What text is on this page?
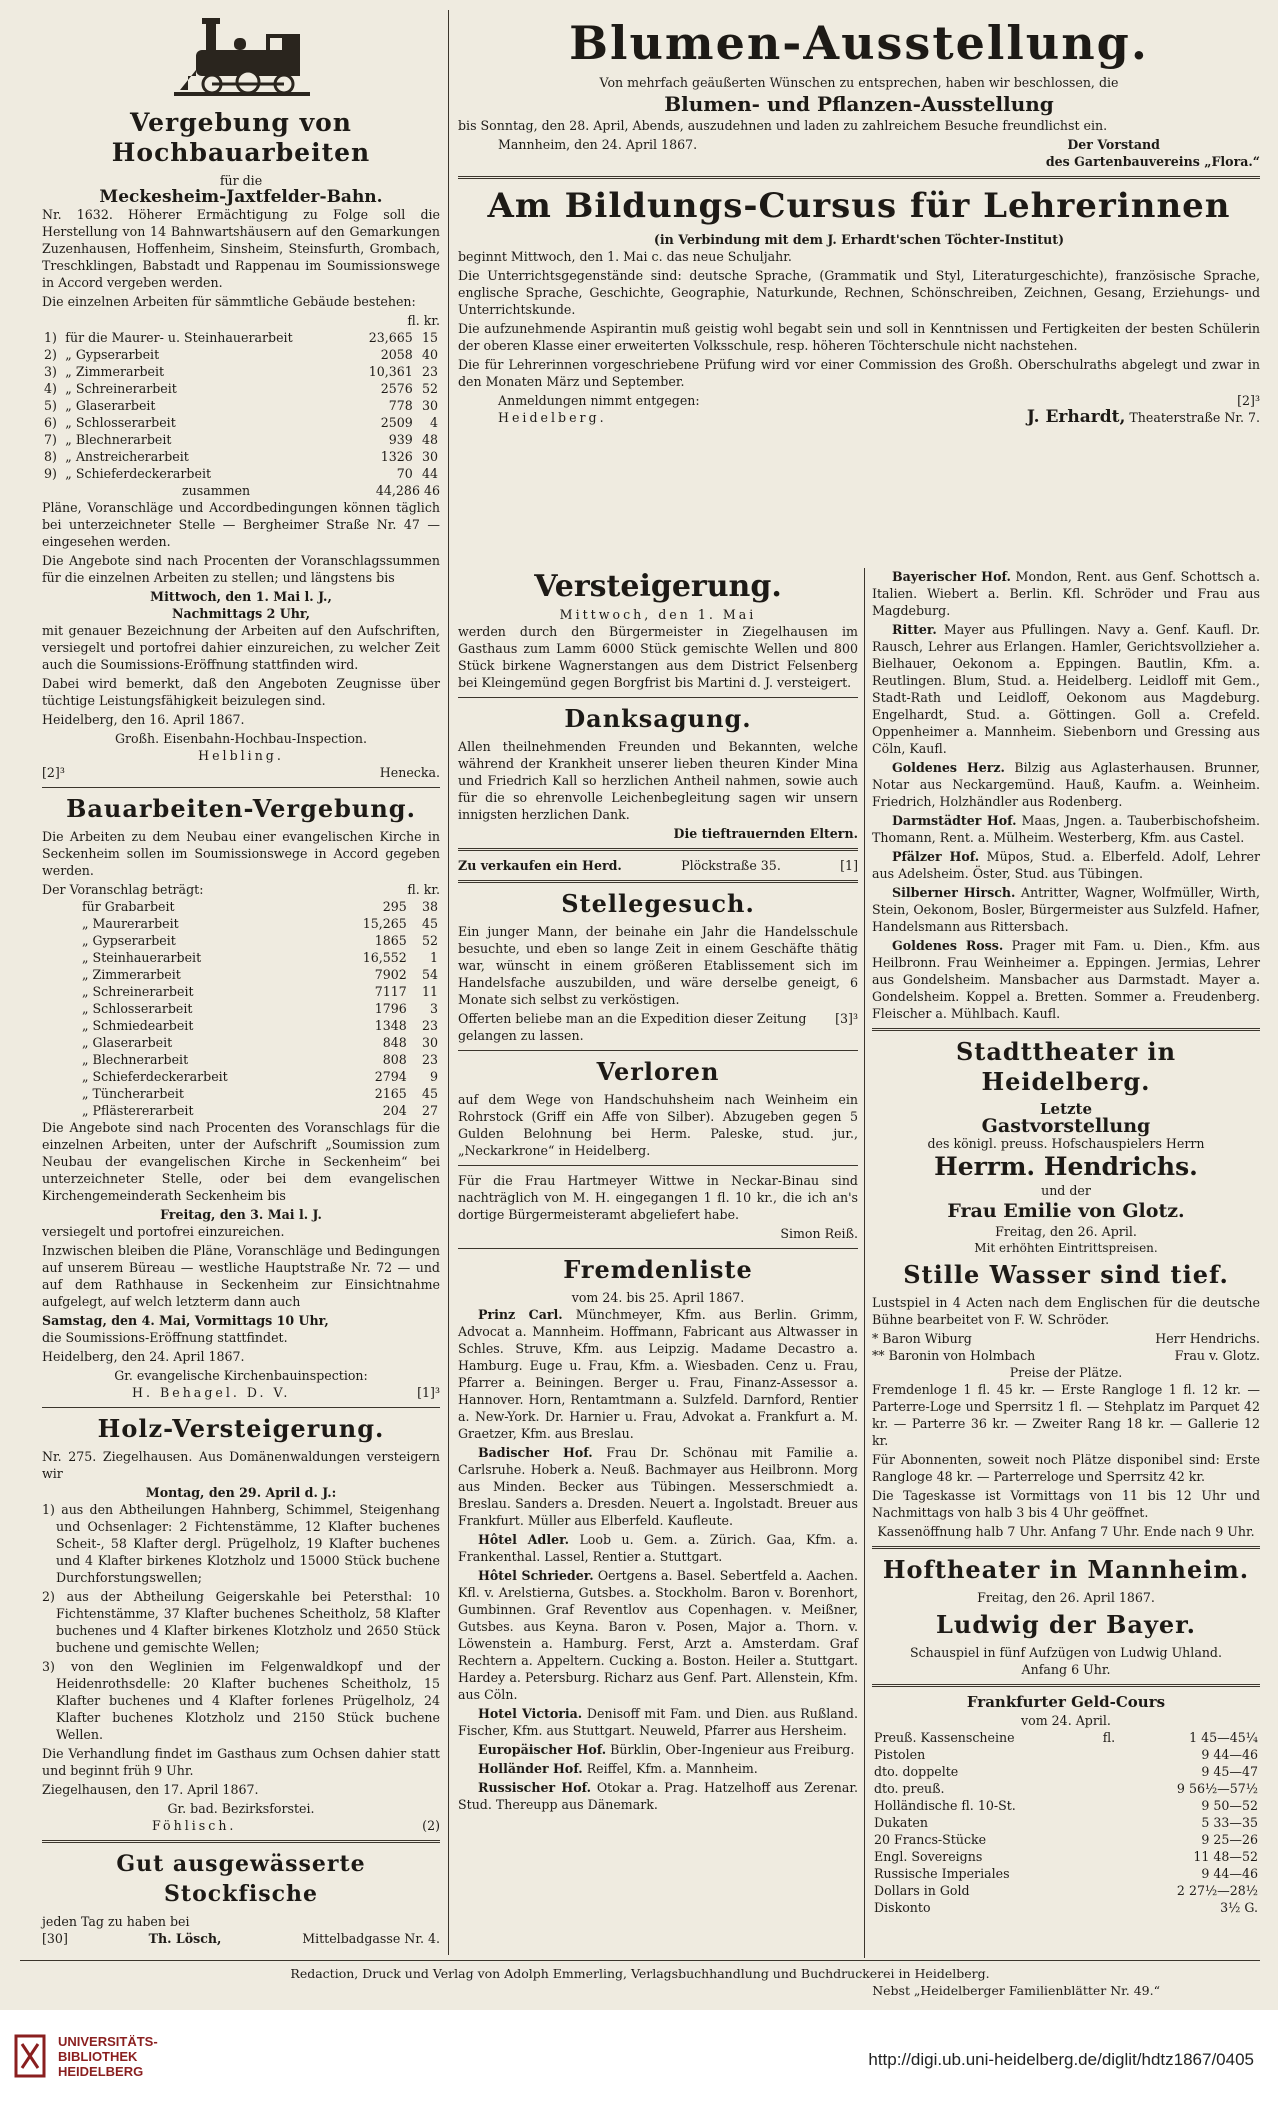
Vergebung von Hochbauarbeiten
für die
Meckesheim-Jaxtfelder-Bahn.

Nr. 1632. Höherer Ermächtigung zu Folge soll die Herstellung von 14 Bahnwartshäusern auf den Gemarkungen Zuzenhausen, Hoffenheim, Sinsheim, Steinsfurth, Grombach, Treschklingen, Babstadt und Rappenau im Soumissionswege in Accord vergeben werden.

Die einzelnen Arbeiten für sämmtliche Gebäude bestehen:

fl. kr.
1)	für die Maurer- u. Steinhauerarbeit	23,665	15
2)	„ Gypserarbeit	2058	40
3)	„ Zimmerarbeit	10,361	23
4)	„ Schreinerarbeit	2576	52
5)	„ Glaserarbeit	778	30
6)	„ Schlosserarbeit	2509	4
7)	„ Blechnerarbeit	939	48
8)	„ Anstreicherarbeit	1326	30
9)	„ Schieferdeckerarbeit	70	44
zusammen	44,286 46

Pläne, Voranschläge und Accordbedingungen können täglich bei unterzeichneter Stelle — Bergheimer Straße Nr. 47 — eingesehen werden.

Die Angebote sind nach Procenten der Voranschlagssummen für die einzelnen Arbeiten zu stellen; und längstens bis

Mittwoch, den 1. Mai l. J.,
Nachmittags 2 Uhr,

mit genauer Bezeichnung der Arbeiten auf den Aufschriften, versiegelt und portofrei dahier einzureichen, zu welcher Zeit auch die Soumissions-Eröffnung stattfinden wird.

Dabei wird bemerkt, daß den Angeboten Zeugnisse über tüchtige Leistungsfähigkeit beizulegen sind.

Heidelberg, den 16. April 1867.

Großh. Eisenbahn-Hochbau-Inspection.
Helbling.
[2]³	Henecka.
Bauarbeiten-Vergebung.

Die Arbeiten zu dem Neubau einer evangelischen Kirche in Seckenheim sollen im Soumissionswege in Accord gegeben werden.

Der Voranschlag beträgt:	fl. kr.
für Grabarbeit	295	38
„ Maurerarbeit	15,265	45
„ Gypserarbeit	1865	52
„ Steinhauerarbeit	16,552	1
„ Zimmerarbeit	7902	54
„ Schreinerarbeit	7117	11
„ Schlosserarbeit	1796	3
„ Schmiedearbeit	1348	23
„ Glaserarbeit	848	30
„ Blechnerarbeit	808	23
„ Schieferdeckerarbeit	2794	9
„ Tüncherarbeit	2165	45
„ Pflästererarbeit	204	27

Die Angebote sind nach Procenten des Voranschlags für die einzelnen Arbeiten, unter der Aufschrift „Soumission zum Neubau der evangelischen Kirche in Seckenheim“ bei unterzeichneter Stelle, oder bei dem evangelischen Kirchengemeinderath Seckenheim bis

Freitag, den 3. Mai l. J.

versiegelt und portofrei einzureichen.

Inzwischen bleiben die Pläne, Voranschläge und Bedingungen auf unserem Büreau — westliche Hauptstraße Nr. 72 — und auf dem Rathhause in Seckenheim zur Einsichtnahme aufgelegt, auf welch letzterm dann auch

Samstag, den 4. Mai, Vormittags 10 Uhr,

die Soumissions-Eröffnung stattfindet.

Heidelberg, den 24. April 1867.

Gr. evangelische Kirchenbauinspection:
H. Behagel. D. V.	[1]³
Holz-Versteigerung.

Nr. 275. Ziegelhausen. Aus Domänenwaldungen versteigern wir

Montag, den 29. April d. J.:

1) aus den Abtheilungen Hahnberg, Schimmel, Steigenhang und Ochsenlager: 2 Fichtenstämme, 12 Klafter buchenes Scheit-, 58 Klafter dergl. Prügelholz, 19 Klafter buchenes und 4 Klafter birkenes Klotzholz und 15000 Stück buchene Durchforstungswellen;

2) aus der Abtheilung Geigerskahle bei Petersthal: 10 Fichtenstämme, 37 Klafter buchenes Scheitholz, 58 Klafter buchenes und 4 Klafter birkenes Klotzholz und 2650 Stück buchene und gemischte Wellen;

3) von den Weglinien im Felgenwaldkopf und der Heidenrothsdelle: 20 Klafter buchenes Scheitholz, 15 Klafter buchenes und 4 Klafter forlenes Prügelholz, 24 Klafter buchenes Klotzholz und 2150 Stück buchene Wellen.

Die Verhandlung findet im Gasthaus zum Ochsen dahier statt und beginnt früh 9 Uhr.

Ziegelhausen, den 17. April 1867.

Gr. bad. Bezirksforstei.
Föhlisch.	(2)
Gut ausgewässerte Stockfische
jeden Tag zu haben bei
[30]	Th. Lösch,	Mittelbadgasse Nr. 4.
Blumen-Ausstellung.
Von mehrfach geäußerten Wünschen zu entsprechen, haben wir beschlossen, die
Blumen- und Pflanzen-Ausstellung

bis Sonntag, den 28. April, Abends, auszudehnen und laden zu zahlreichem Besuche freundlichst ein.

Mannheim, den 24. April 1867.	Der Vorstand
des Gartenbauvereins „Flora.“
Am Bildungs-Cursus für Lehrerinnen
(in Verbindung mit dem J. Erhardt'schen Töchter-Institut)

beginnt Mittwoch, den 1. Mai c. das neue Schuljahr.

Die Unterrichtsgegenstände sind: deutsche Sprache, (Grammatik und Styl, Literaturgeschichte), französische Sprache, englische Sprache, Geschichte, Geographie, Naturkunde, Rechnen, Schönschreiben, Zeichnen, Gesang, Erziehungs- und Unterrichtskunde.

Die aufzunehmende Aspirantin muß geistig wohl begabt sein und soll in Kenntnissen und Fertigkeiten der besten Schülerin der oberen Klasse einer erweiterten Volksschule, resp. höheren Töchterschule nicht nachstehen.

Die für Lehrerinnen vorgeschriebene Prüfung wird vor einer Commission des Großh. Oberschulraths abgelegt und zwar in den Monaten März und September.

Anmeldungen nimmt entgegen:	[2]³
Heidelberg.	J. Erhardt, Theaterstraße Nr. 7.
Versteigerung.
Mittwoch, den 1. Mai

werden durch den Bürgermeister in Ziegelhausen im Gasthaus zum Lamm 6000 Stück gemischte Wellen und 800 Stück birkene Wagnerstangen aus dem District Felsenberg bei Kleingemünd gegen Borgfrist bis Martini d. J. versteigert.

Danksagung.

Allen theilnehmenden Freunden und Bekannten, welche während der Krankheit unserer lieben theuren Kinder Mina und Friedrich Kall so herzlichen Antheil nahmen, sowie auch für die so ehrenvolle Leichenbegleitung sagen wir unsern innigsten herzlichen Dank.

Die tieftrauernden Eltern.
Zu verkaufen ein Herd.	Plöckstraße 35.	[1]
Stellegesuch.

Ein junger Mann, der beinahe ein Jahr die Handelsschule besuchte, und eben so lange Zeit in einem Geschäfte thätig war, wünscht in einem größeren Etablissement sich im Handelsfache auszubilden, und wäre derselbe geneigt, 6 Monate sich selbst zu verköstigen.

Offerten beliebe man an die Expedition dieser Zeitung gelangen zu lassen.
[3]³
Verloren

auf dem Wege von Handschuhsheim nach Weinheim ein Rohrstock (Griff ein Affe von Silber). Abzugeben gegen 5 Gulden Belohnung bei Herm. Paleske, stud. jur., „Neckarkrone“ in Heidelberg.

Für die Frau Hartmeyer Wittwe in Neckar-Binau sind nachträglich von M. H. eingegangen 1 fl. 10 kr., die ich an's dortige Bürgermeisteramt abgeliefert habe.

Simon Reiß.
Fremdenliste
vom 24. bis 25. April 1867.

Prinz Carl. Münchmeyer, Kfm. aus Berlin. Grimm, Advocat a. Mannheim. Hoffmann, Fabricant aus Altwasser in Schles. Struve, Kfm. aus Leipzig. Madame Decastro a. Hamburg. Euge u. Frau, Kfm. a. Wiesbaden. Cenz u. Frau, Pfarrer a. Beiningen. Berger u. Frau, Finanz-Assessor a. Hannover. Horn, Rentamtmann a. Sulzfeld. Darnford, Rentier a. New-York. Dr. Harnier u. Frau, Advokat a. Frankfurt a. M. Graetzer, Kfm. aus Breslau.

Badischer Hof. Frau Dr. Schönau mit Familie a. Carlsruhe. Hoberk a. Neuß. Bachmayer aus Heilbronn. Morg aus Minden. Becker aus Tübingen. Messerschmiedt a. Breslau. Sanders a. Dresden. Neuert a. Ingolstadt. Breuer aus Frankfurt. Müller aus Elberfeld. Kaufleute.

Hôtel Adler. Loob u. Gem. a. Zürich. Gaa, Kfm. a. Frankenthal. Lassel, Rentier a. Stuttgart.

Hôtel Schrieder. Oertgens a. Basel. Sebertfeld a. Aachen. Kfl. v. Arelstierna, Gutsbes. a. Stockholm. Baron v. Borenhort, Gumbinnen. Graf Reventlov aus Copenhagen. v. Meißner, Gutsbes. aus Keyna. Baron v. Posen, Major a. Thorn. v. Löwenstein a. Hamburg. Ferst, Arzt a. Amsterdam. Graf Rechtern a. Appeltern. Cucking a. Boston. Heiler a. Stuttgart. Hardey a. Petersburg. Richarz aus Genf. Part. Allenstein, Kfm. aus Cöln.

Hotel Victoria. Denisoff mit Fam. und Dien. aus Rußland. Fischer, Kfm. aus Stuttgart. Neuweld, Pfarrer aus Hersheim.

Europäischer Hof. Bürklin, Ober-Ingenieur aus Freiburg.

Holländer Hof. Reiffel, Kfm. a. Mannheim.

Russischer Hof. Otokar a. Prag. Hatzelhoff aus Zerenar. Stud. Thereupp aus Dänemark.

Bayerischer Hof. Mondon, Rent. aus Genf. Schottsch a. Italien. Wiebert a. Berlin. Kfl. Schröder und Frau aus Magdeburg.

Ritter. Mayer aus Pfullingen. Navy a. Genf. Kaufl. Dr. Rausch, Lehrer aus Erlangen. Hamler, Gerichtsvollzieher a. Bielhauer, Oekonom a. Eppingen. Bautlin, Kfm. a. Reutlingen. Blum, Stud. a. Heidelberg. Leidloff mit Gem., Stadt-Rath und Leidloff, Oekonom aus Magdeburg. Engelhardt, Stud. a. Göttingen. Goll a. Crefeld. Oppenheimer a. Mannheim. Siebenborn und Gressing aus Cöln, Kaufl.

Goldenes Herz. Bilzig aus Aglasterhausen. Brunner, Notar aus Neckargemünd. Hauß, Kaufm. a. Weinheim. Friedrich, Holzhändler aus Rodenberg.

Darmstädter Hof. Maas, Jngen. a. Tauberbischofsheim. Thomann, Rent. a. Mülheim. Westerberg, Kfm. aus Castel.

Pfälzer Hof. Müpos, Stud. a. Elberfeld. Adolf, Lehrer aus Adelsheim. Öster, Stud. aus Tübingen.

Silberner Hirsch. Antritter, Wagner, Wolfmüller, Wirth, Stein, Oekonom, Bosler, Bürgermeister aus Sulzfeld. Hafner, Handelsmann aus Rittersbach.

Goldenes Ross. Prager mit Fam. u. Dien., Kfm. aus Heilbronn. Frau Weinheimer a. Eppingen. Jermias, Lehrer aus Gondelsheim. Mansbacher aus Darmstadt. Mayer a. Gondelsheim. Koppel a. Bretten. Sommer a. Freudenberg. Fleischer a. Mühlbach. Kaufl.

Stadttheater in Heidelberg.
Letzte
Gastvorstellung
des königl. preuss. Hofschauspielers Herrn
Herrm. Hendrichs.
und der
Frau Emilie von Glotz.
Freitag, den 26. April.
Mit erhöhten Eintrittspreisen.
Stille Wasser sind tief.

Lustspiel in 4 Acten nach dem Englischen für die deutsche Bühne bearbeitet von F. W. Schröder.

* Baron Wiburg	Herr Hendrichs.
** Baronin von Holmbach	Frau v. Glotz.
Preise der Plätze.

Fremdenloge 1 fl. 45 kr. — Erste Rangloge 1 fl. 12 kr. — Parterre-Loge und Sperrsitz 1 fl. — Stehplatz im Parquet 42 kr. — Parterre 36 kr. — Zweiter Rang 18 kr. — Gallerie 12 kr.

Für Abonnenten, soweit noch Plätze disponibel sind: Erste Rangloge 48 kr. — Parterreloge und Sperrsitz 42 kr.

Die Tageskasse ist Vormittags von 11 bis 12 Uhr und Nachmittags von halb 3 bis 4 Uhr geöffnet.

Kassenöffnung halb 7 Uhr. Anfang 7 Uhr. Ende nach 9 Uhr.
Hoftheater in Mannheim.
Freitag, den 26. April 1867.
Ludwig der Bayer.
Schauspiel in fünf Aufzügen von Ludwig Uhland.
Anfang 6 Uhr.
Frankfurter Geld-Cours
vom 24. April.
Preuß. Kassenscheine	fl.	1 45—45¼
Pistolen		9 44—46
dto. doppelte		9 45—47
dto. preuß.		9 56½—57½
Holländische fl. 10-St.		9 50—52
Dukaten		5 33—35
20 Francs-Stücke		9 25—26
Engl. Sovereigns		11 48—52
Russische Imperiales		9 44—46
Dollars in Gold		2 27½—28½
Diskonto		3½ G.
Redaction, Druck und Verlag von Adolph Emmerling, Verlagsbuchhandlung und Buchdruckerei in Heidelberg.
Nebst „Heidelberger Familienblätter Nr. 49.“
UNIVERSITÄTS-
BIBLIOTHEK
HEIDELBERG
http://digi.ub.uni-heidelberg.de/diglit/hdtz1867/0405
